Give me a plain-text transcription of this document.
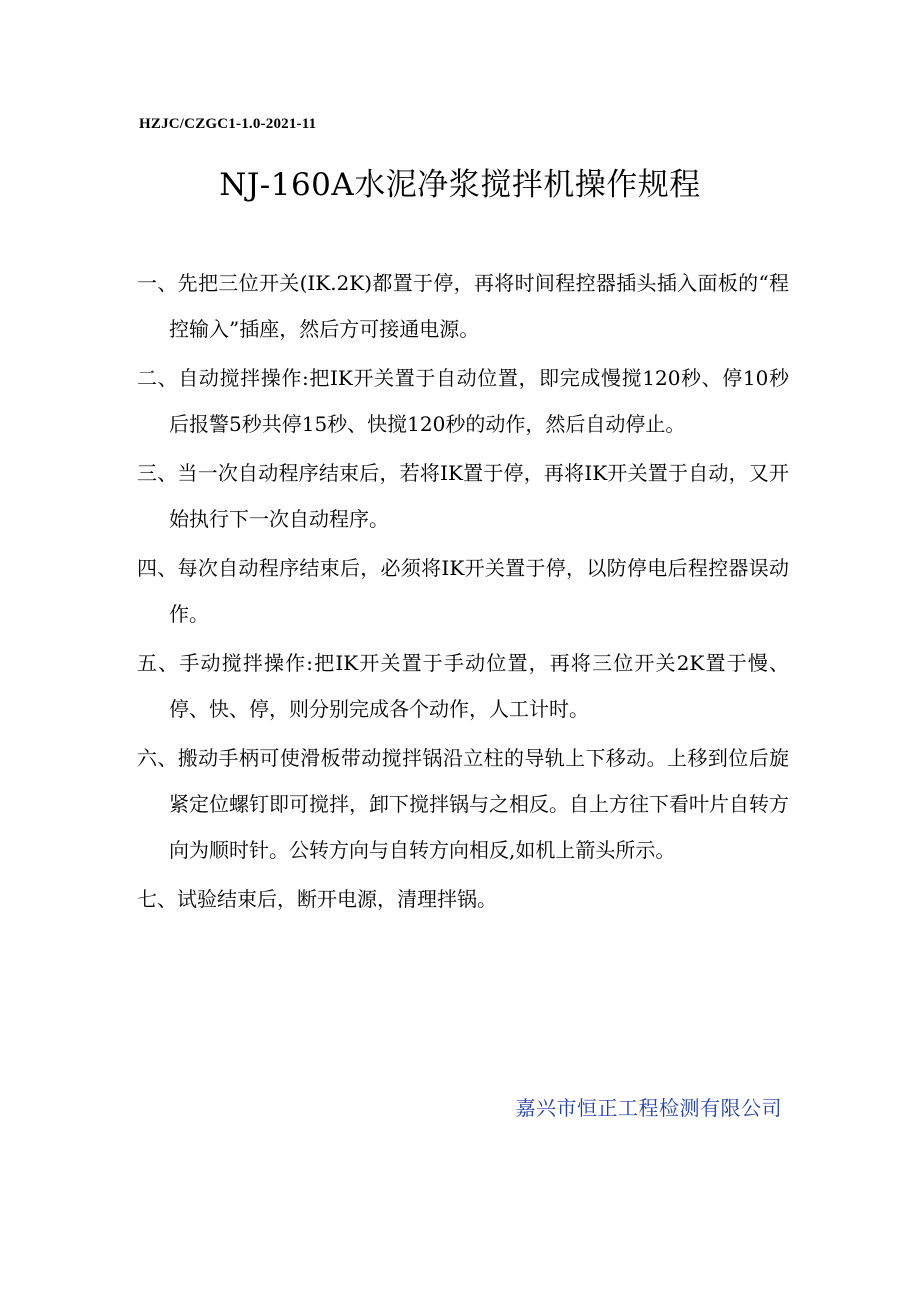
HZJC/CZGC1-1.0-2021-11
NJ-160A水泥净浆搅拌机操作规程
一、先把三位开关(IK.2K)都置于停，再将时间程控器插头插入面板的“程控输入”插座，然后方可接通电源。
二、自动搅拌操作:把IK开关置于自动位置，即完成慢搅120秒、停10秒后报警5秒共停15秒、快搅120秒的动作，然后自动停止。
三、当一次自动程序结束后，若将IK置于停，再将IK开关置于自动，又开始执行下一次自动程序。
四、每次自动程序结束后，必须将IK开关置于停，以防停电后程控器误动作。
五、手动搅拌操作:把IK开关置于手动位置，再将三位开关2K置于慢、停、快、停，则分别完成各个动作，人工计时。
六、搬动手柄可使滑板带动搅拌锅沿立柱的导轨上下移动。上移到位后旋紧定位螺钉即可搅拌，卸下搅拌锅与之相反。自上方往下看叶片自转方向为顺时针。公转方向与自转方向相反,如机上箭头所示。
七、试验结束后，断开电源，清理拌锅。
嘉兴市恒正工程检测有限公司
